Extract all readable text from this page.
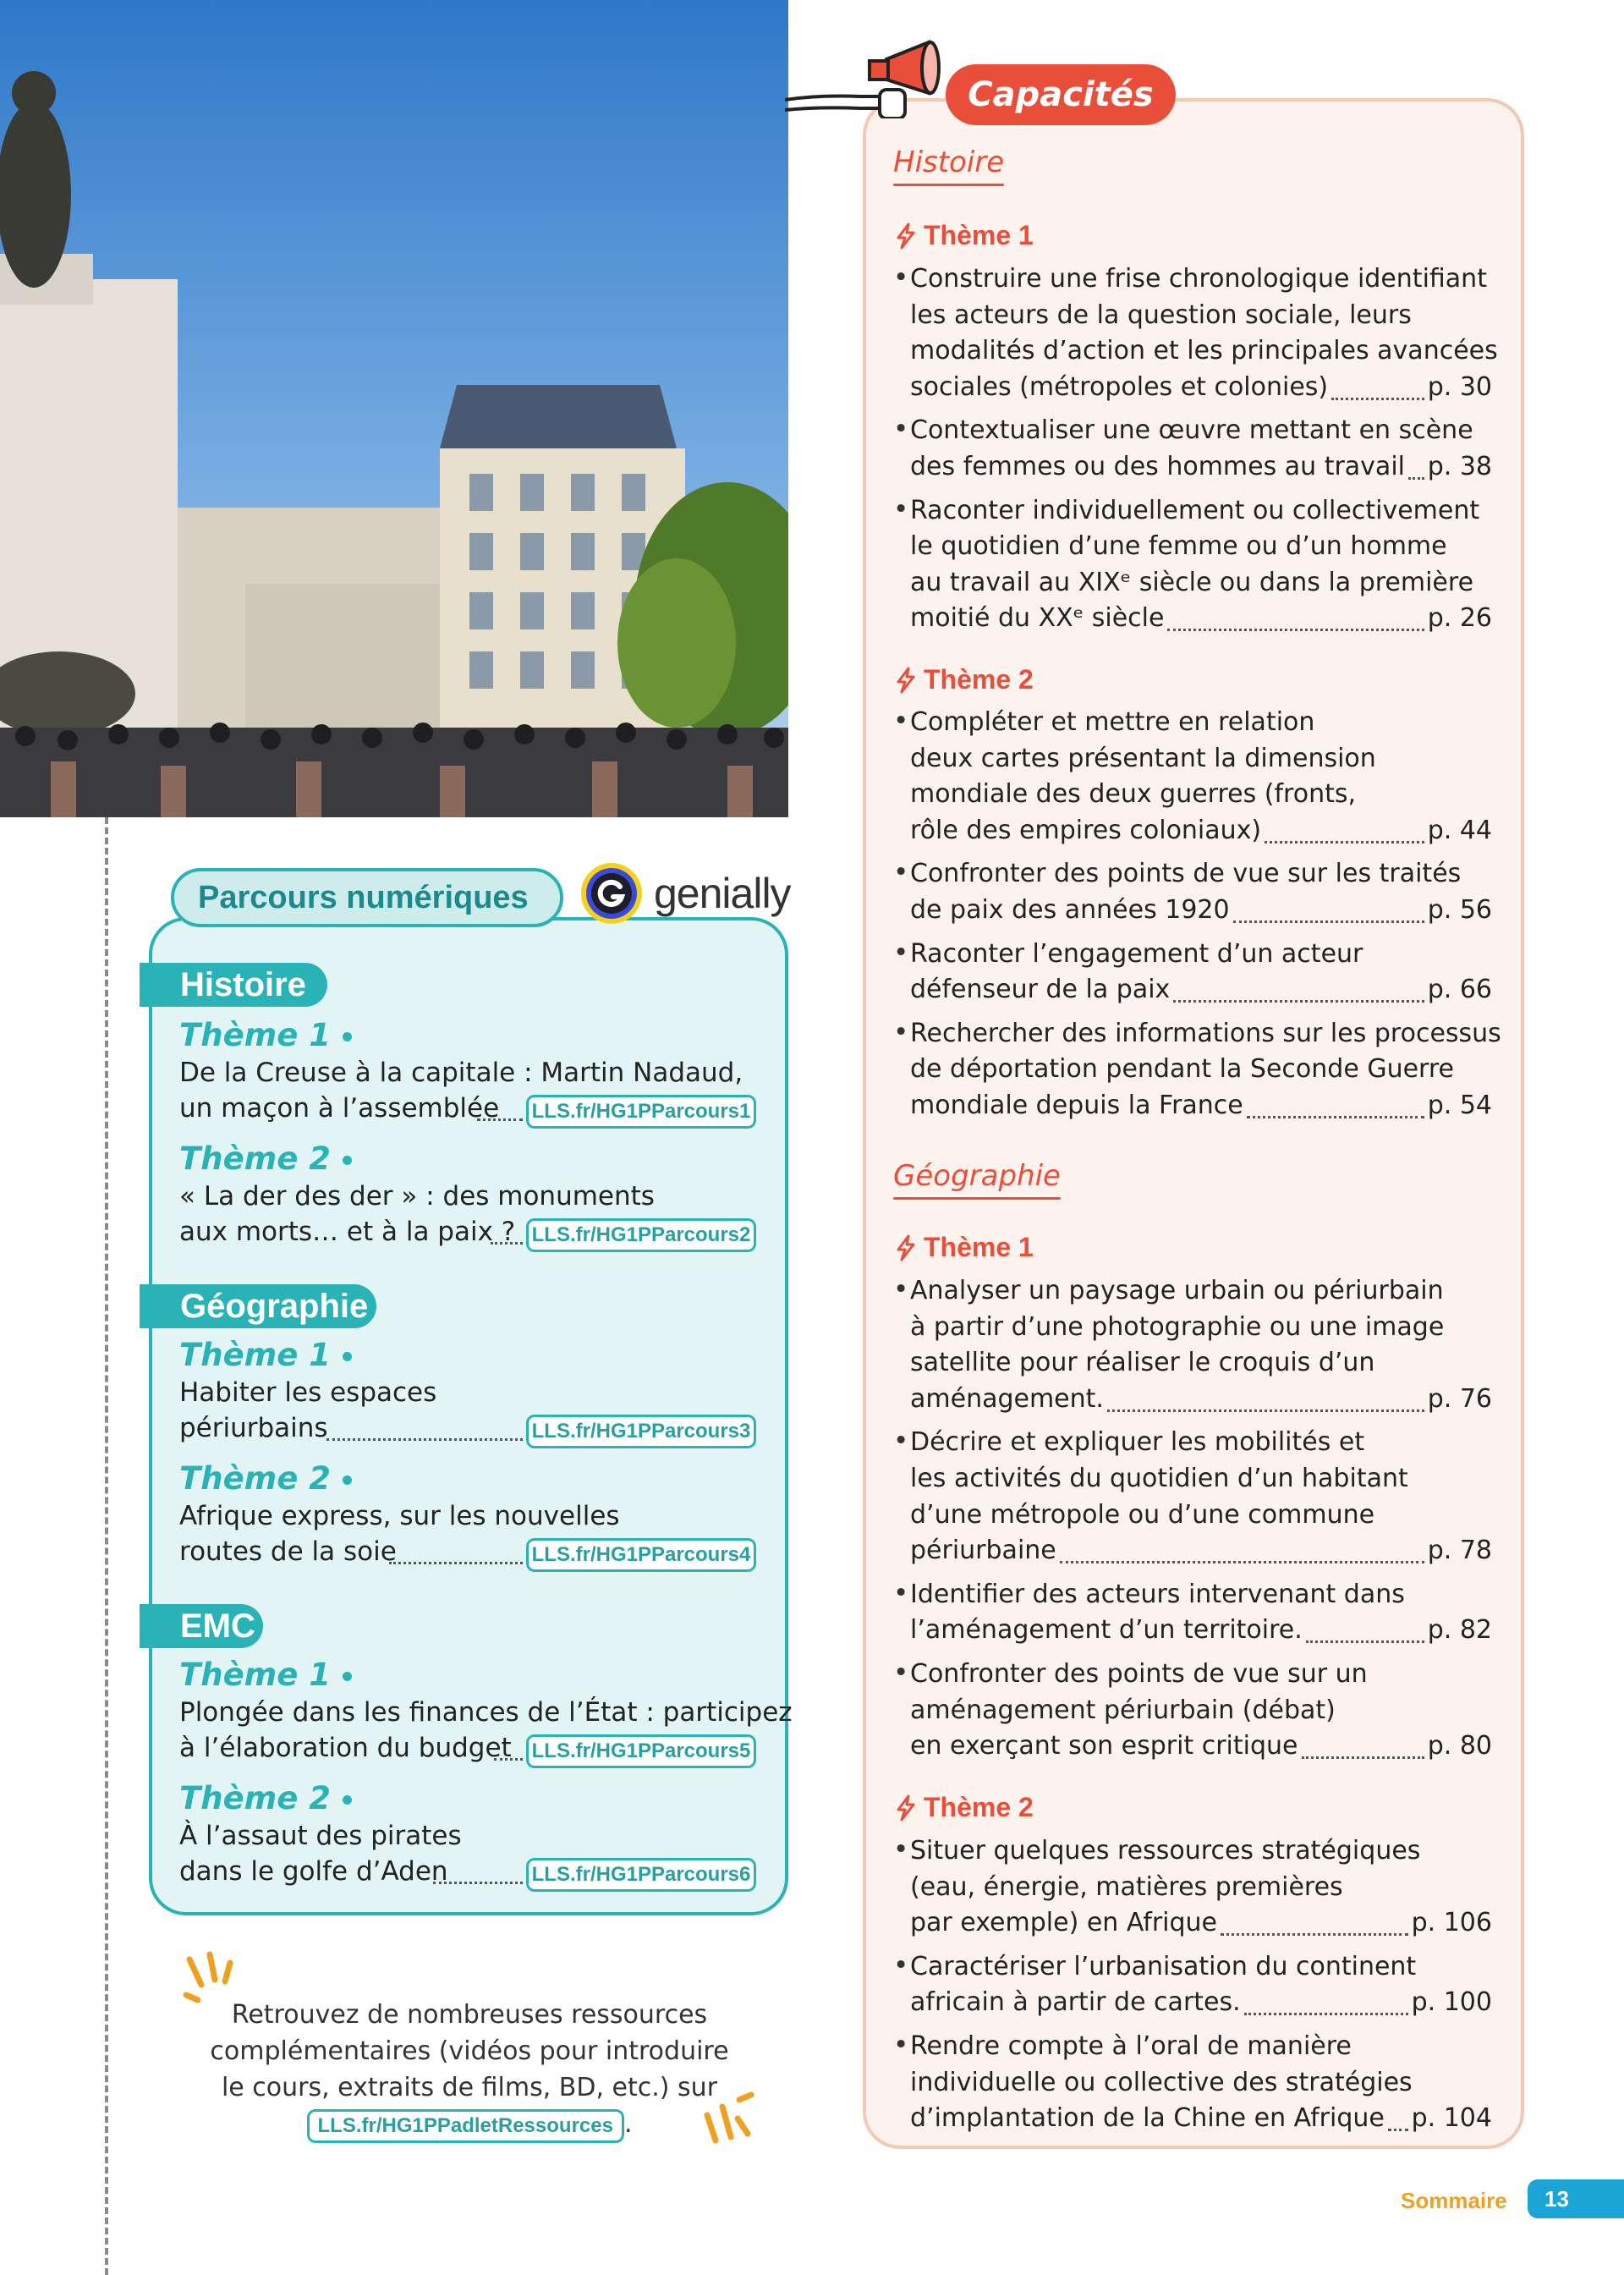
Parcours numériques	genially
Histoire
Thème 1
De la Creuse à la capitale : Martin Nadaud,
un maçon à l’assemblée LLS.fr/HG1PParcours1
Thème 2
« La der des der » : des monuments
aux morts… et à la paix ? LLS.fr/HG1PParcours2
Géographie
Thème 1
Habiter les espaces
périurbains	LLS.fr/HG1PParcours3
Thème 2
Afrique express, sur les nouvelles
routes de la soie	LLS.fr/HG1PParcours4
EMC
Thème 1
Plongée dans les finances de l’État : participez
à l’élaboration du budget LLS.fr/HG1PParcours5
Thème 2
À l’assaut des pirates
dans le golfe d’Aden	LLS.fr/HG1PParcours6
Retrouvez de nombreuses ressources
complémentaires (vidéos pour introduire
le cours, extraits de films, BD, etc.) sur
LLS.fr/HG1PPadletRessources .
Capacités
Histoire
Thème 1
Thème 2
Géographie
Thème 1
Thème 2
• Construire une frise chronologique identifiant
les acteurs de la question sociale, leurs
modalités d’action et les principales avancées
sociales (métropoles et colonies)	p. 30
• Contextualiser une œuvre mettant en scène
des femmes ou des hommes au travail p. 38
• Raconter individuellement ou collectivement
le quotidien d’une femme ou d’un homme
au travail au XIXᵉ siècle ou dans la première
moitié du XXᵉ siècle	p. 26
• Compléter et mettre en relation
deux cartes présentant la dimension
mondiale des deux guerres (fronts,
rôle des empires coloniaux)	p. 44
• Confronter des points de vue sur les traités
de paix des années 1920	p. 56
• Raconter l’engagement d’un acteur
défenseur de la paix	p. 66
• Rechercher des informations sur les processus
de déportation pendant la Seconde Guerre
mondiale depuis la France	p. 54
• Analyser un paysage urbain ou périurbain
à partir d’une photographie ou une image
satellite pour réaliser le croquis d’un
aménagement.	p. 76
• Décrire et expliquer les mobilités et
les activités du quotidien d’un habitant
d’une métropole ou d’une commune
périurbaine	p. 78
• Identifier des acteurs intervenant dans
l’aménagement d’un territoire.	p. 82
• Confronter des points de vue sur un
aménagement périurbain (débat)
en exerçant son esprit critique	p. 80
• Situer quelques ressources stratégiques
(eau, énergie, matières premières
par exemple) en Afrique	p. 106
• Caractériser l’urbanisation du continent
africain à partir de cartes.	p. 100
• Rendre compte à l’oral de manière
individuelle ou collective des stratégies
d’implantation de la Chine en Afrique p. 104
Sommaire	13
